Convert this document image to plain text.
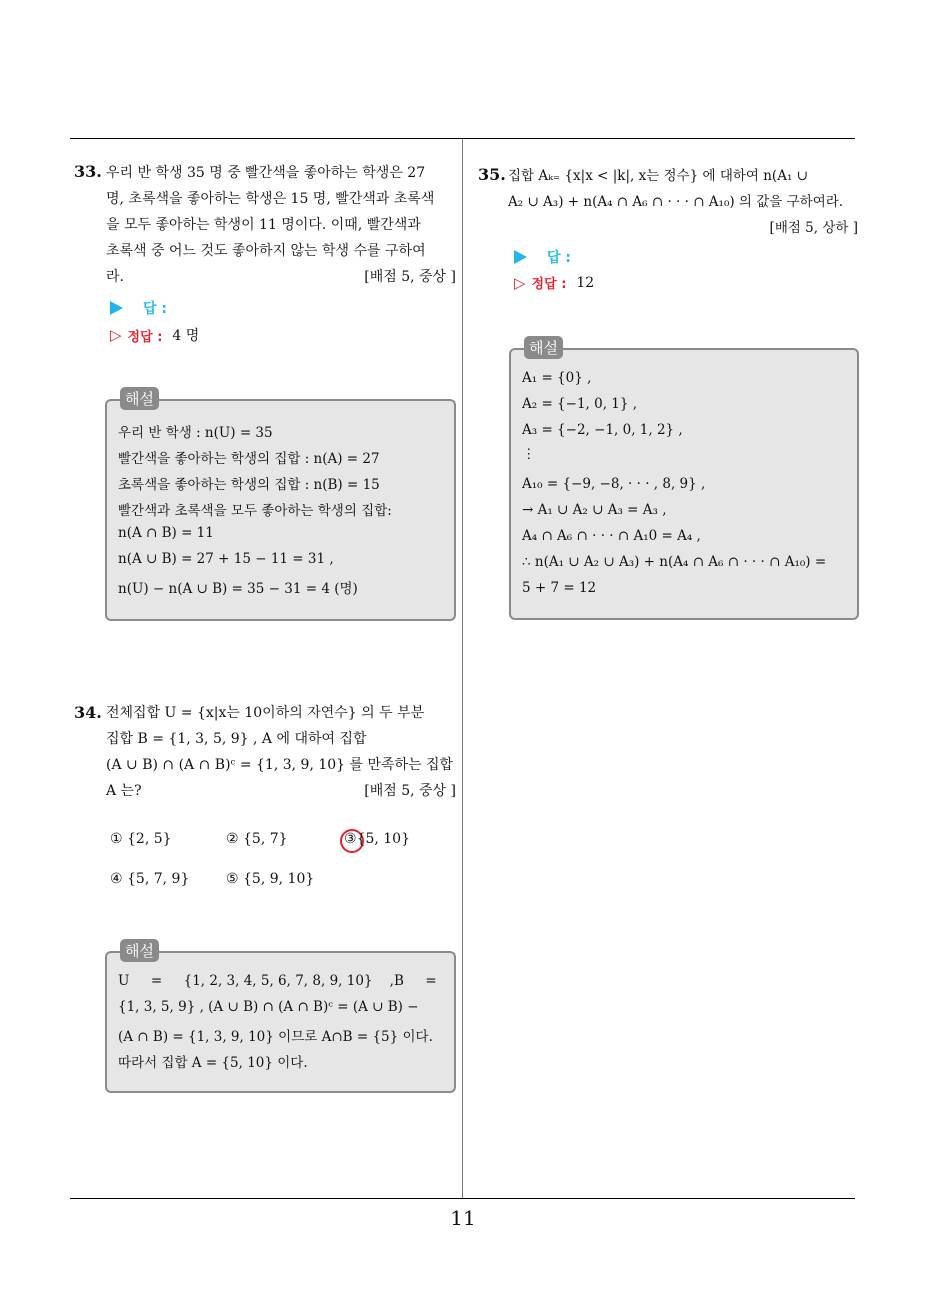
11
33. 우리 반 학생 35 명 중 빨간색을 좋아하는 학생은 27
명, 초록색을 좋아하는 학생은 15 명, 빨간색과 초록색
을 모두 좋아하는 학생이 11 명이다. 이때, 빨간색과
초록색 중 어느 것도 좋아하지 않는 학생 수를 구하여
라.	[배점 5, 중상 ]
답 :
▷ 정답 : 4 명
우리 반 학생 : n(U) = 35
빨간색을 좋아하는 학생의 집합 : n(A) = 27
초록색을 좋아하는 학생의 집합 : n(B) = 15
빨간색과 초록색을 모두 좋아하는 학생의 집합:
n(A ∩ B) = 11
n(A ∪ B) = 27 + 15 − 11 = 31 ,
n(U) − n(A ∪ B) = 35 − 31 = 4 (명)
해설
34. 전체집합 U = {x|x는 10이하의 자연수} 의 두 부분
집합 B = {1, 3, 5, 9} , A 에 대하여 집합
(A ∪ B) ∩ (A ∩ B)ᶜ = {1, 3, 9, 10} 를 만족하는 집합
A 는?	[배점 5, 중상 ]
① {2, 5}	② {5, 7}	③{5, 10}
④ {5, 7, 9}	⑤ {5, 9, 10}
U     =     {1, 2, 3, 4, 5, 6, 7, 8, 9, 10}    ,B     =
{1, 3, 5, 9} , (A ∪ B) ∩ (A ∩ B)ᶜ = (A ∪ B) −
(A ∩ B) = {1, 3, 9, 10} 이므로 A∩B = {5} 이다.
따라서 집합 A = {5, 10} 이다.
해설
35. 집합 Aₖ₌ {x|x < |k|, x는 정수} 에 대하여 n(A₁ ∪
A₂ ∪ A₃) + n(A₄ ∩ A₆ ∩ · · · ∩ A₁₀) 의 값을 구하여라.
[배점 5, 상하 ]
답 :
▷ 정답 : 12
A₁ = {0} ,
A₂ = {−1, 0, 1} ,
A₃ = {−2, −1, 0, 1, 2} ,
⋮
A₁₀ = {−9, −8, · · · , 8, 9} ,
→ A₁ ∪ A₂ ∪ A₃ = A₃ ,
A₄ ∩ A₆ ∩ · · · ∩ A₁0 = A₄ ,
∴ n(A₁ ∪ A₂ ∪ A₃) + n(A₄ ∩ A₆ ∩ · · · ∩ A₁₀) =
5 + 7 = 12
해설
